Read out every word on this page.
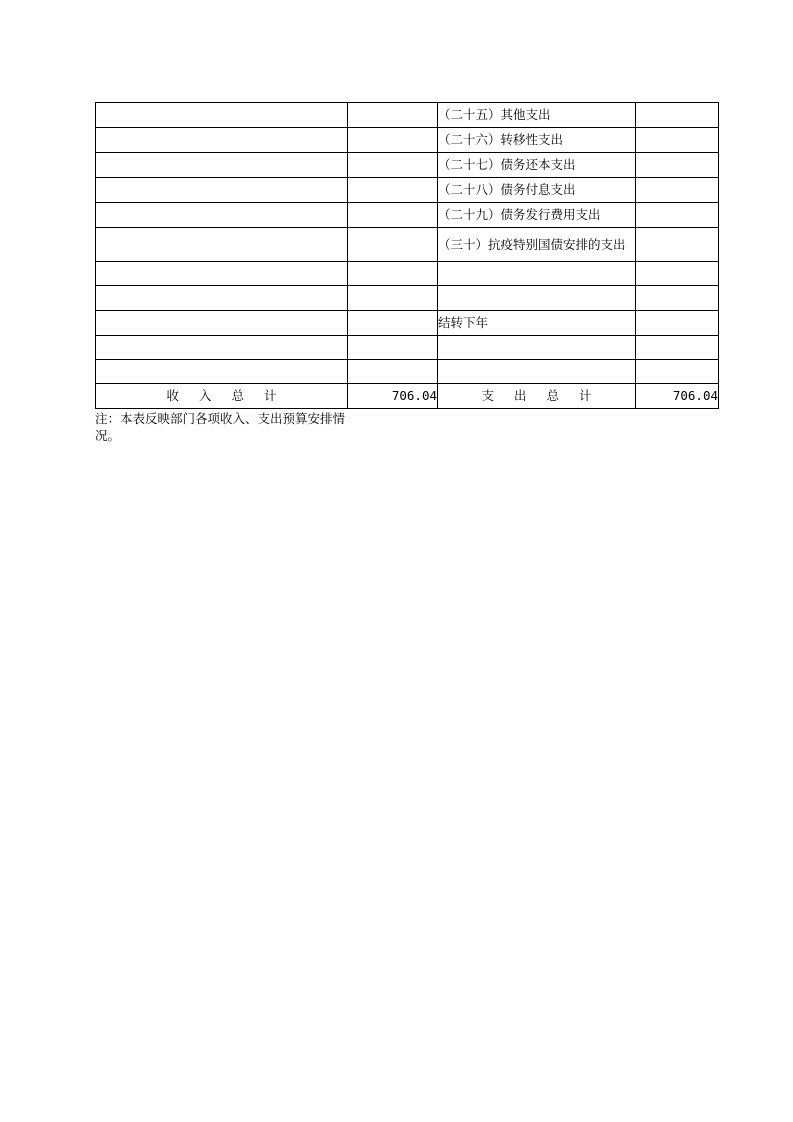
		（二十五）其他支出	
		（二十六）转移性支出	
		（二十七）债务还本支出	
		（二十八）债务付息支出	
		（二十九）债务发行费用支出	
		（三十）抗疫特别国债安排的支出	

		结转下年	

收入总计	706.04	支出总计	706.04
注：本表反映部门各项收入、支出预算安排情况。
